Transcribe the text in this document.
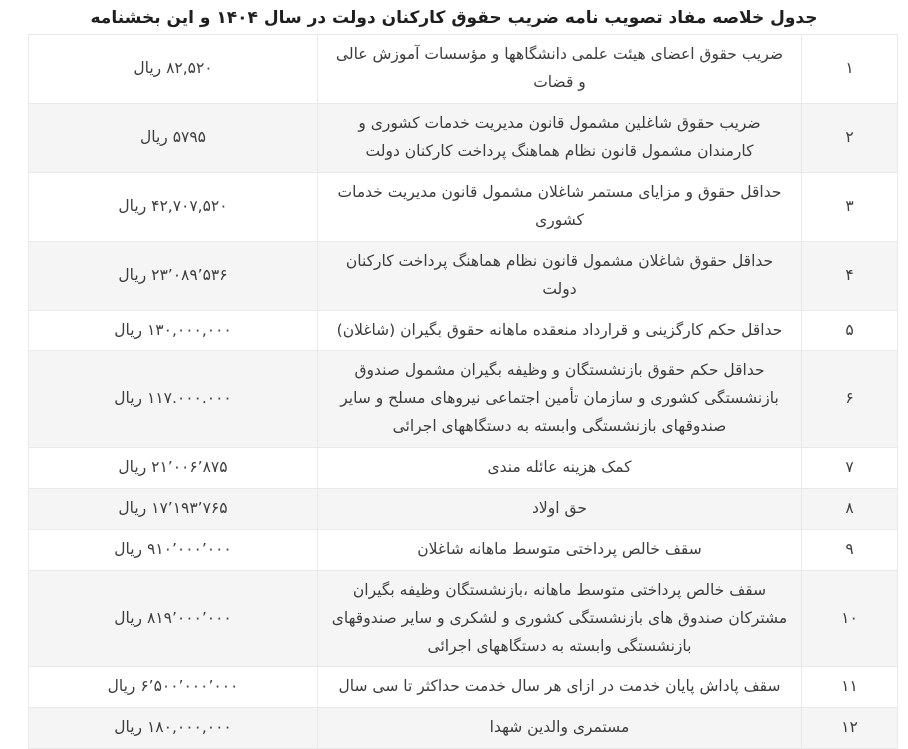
جدول خلاصه مفاد تصویب نامه ضریب حقوق کارکنان دولت در سال ۱۴۰۴ و این بخشنامه
۱	ضریب حقوق اعضای هیئت علمی دانشگاهها و مؤسسات آموزش عالی و قضات	۸۲,۵۲۰ ریال
۲	ضریب حقوق شاغلین مشمول قانون مدیریت خدمات کشوری و کارمندان مشمول قانون نظام هماهنگ پرداخت کارکنان دولت	۵۷۹۵ ریال
۳	حداقل حقوق و مزایای مستمر شاغلان مشمول قانون مدیریت خدمات کشوری	۴۲,۷۰۷,۵۲۰ ریال
۴	حداقل حقوق شاغلان مشمول قانون نظام هماهنگ پرداخت کارکنان دولت	۲۳٬۰۸۹٬۵۳۶ ریال
۵	حداقل حکم کارگزینی و قرارداد منعقده ماهانه حقوق بگیران (شاغلان)	۱۳۰,۰۰۰,۰۰۰ ریال
۶	حداقل حکم حقوق بازنشستگان و وظیفه بگیران مشمول صندوق بازنشستگی کشوری و سازمان تأمین اجتماعی نیروهای مسلح و سایر صندوقهای بازنشستگی وابسته به دستگاههای اجرائی	۱۱۷.۰۰۰.۰۰۰ ریال
۷	کمک هزینه عائله مندی	۲۱٬۰۰۶٬۸۷۵ ریال
۸	حق اولاد	۱۷٬۱۹۳٬۷۶۵ ریال
۹	سقف خالص پرداختی متوسط ماهانه شاغلان	۹۱۰٬۰۰۰٬۰۰۰ ریال
۱۰	سقف خالص پرداختی متوسط ماهانه ،بازنشستگان وظیفه بگیران مشترکان صندوق های بازنشستگی کشوری و لشکری و سایر صندوقهای بازنشستگی وابسته به دستگاههای اجرائی	۸۱۹٬۰۰۰٬۰۰۰ ریال
۱۱	سقف پاداش پایان خدمت در ازای هر سال خدمت حداکثر تا سی سال	۶٬۵۰۰٬۰۰۰٬۰۰۰ ریال
۱۲	مستمری والدین شهدا	۱۸۰,۰۰۰,۰۰۰ ریال
